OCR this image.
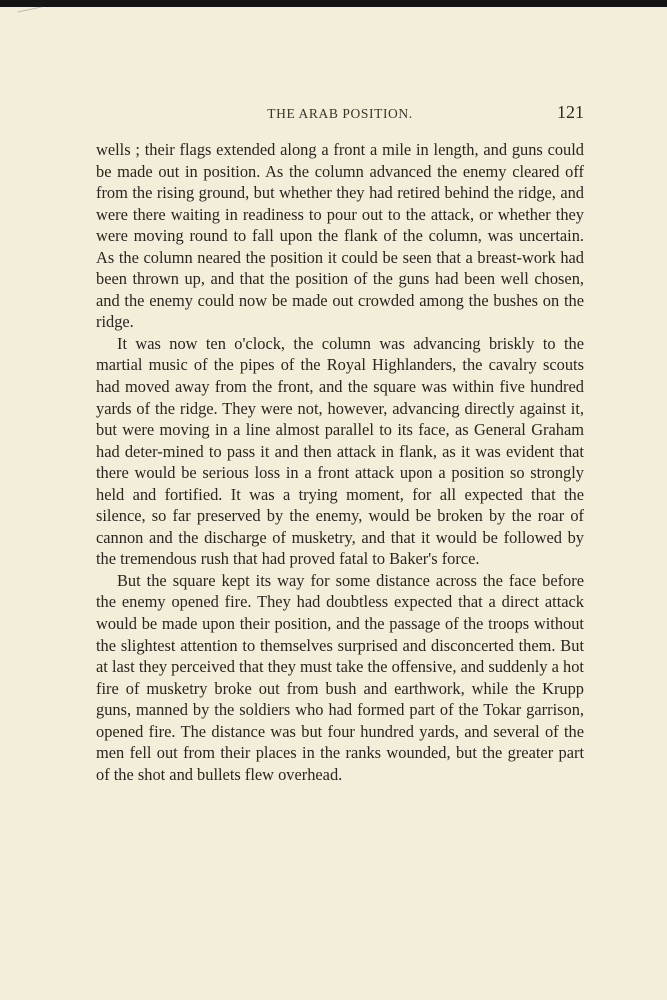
THE ARAB POSITION.	121

wells ; their flags extended along a front a mile in length, and guns could be made out in position. As the column advanced the enemy cleared off from the rising ground, but whether they had retired behind the ridge, and were there waiting in readiness to pour out to the attack, or whether they were moving round to fall upon the flank of the column, was uncertain. As the column neared the position it could be seen that a breast-work had been thrown up, and that the position of the guns had been well chosen, and the enemy could now be made out crowded among the bushes on the ridge.

It was now ten o'clock, the column was advancing briskly to the martial music of the pipes of the Royal Highlanders, the cavalry scouts had moved away from the front, and the square was within five hundred yards of the ridge. They were not, however, advancing directly against it, but were moving in a line almost parallel to its face, as General Graham had deter-mined to pass it and then attack in flank, as it was evident that there would be serious loss in a front attack upon a position so strongly held and fortified. It was a trying moment, for all expected that the silence, so far preserved by the enemy, would be broken by the roar of cannon and the discharge of musketry, and that it would be followed by the tremendous rush that had proved fatal to Baker's force.

But the square kept its way for some distance across the face before the enemy opened fire. They had doubtless expected that a direct attack would be made upon their position, and the passage of the troops without the slightest attention to themselves surprised and disconcerted them. But at last they perceived that they must take the offensive, and suddenly a hot fire of musketry broke out from bush and earthwork, while the Krupp guns, manned by the soldiers who had formed part of the Tokar garrison, opened fire. The distance was but four hundred yards, and several of the men fell out from their places in the ranks wounded, but the greater part of the shot and bullets flew overhead.
